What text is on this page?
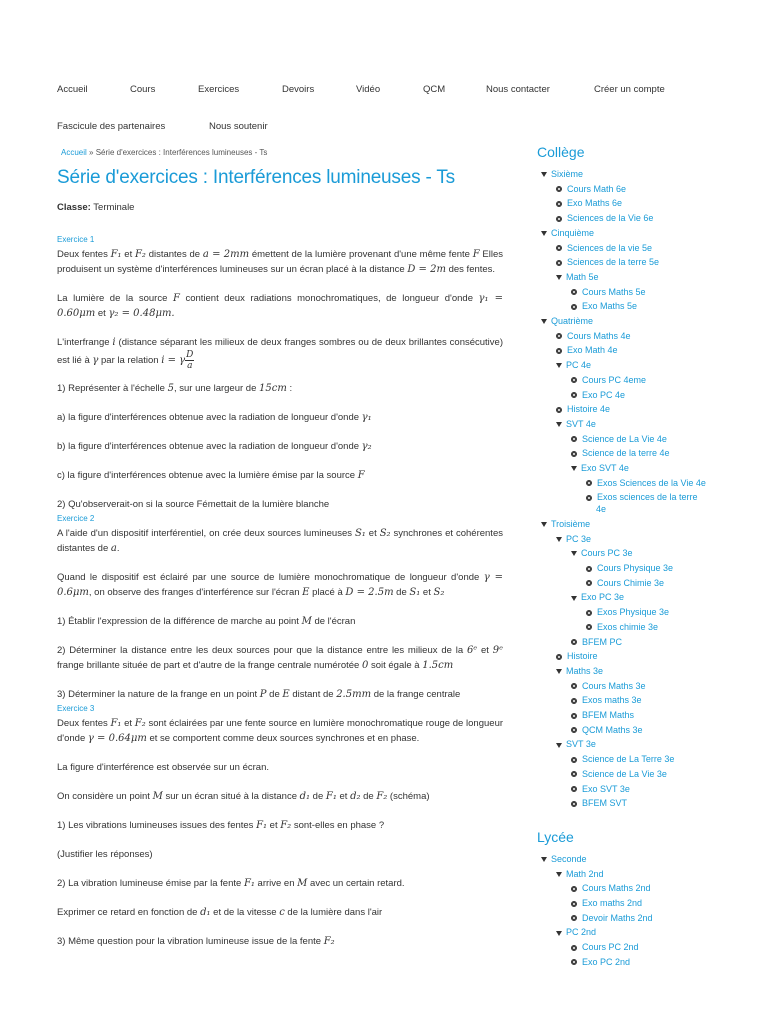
Accueil	Cours	Exercices	Devoirs	Vidéo	QCM	Nous contacter	Créer un compte
Fascicule des partenaires	Nous soutenir
Accueil » Série d'exercices : Interférences lumineuses - Ts
Série d'exercices : Interférences lumineuses - Ts
Classe: Terminale
Exercice 1

Deux fentes F₁ et F₂ distantes de a = 2mm émettent de la lumière provenant d'une même fente F Elles produisent un système d'interférences lumineuses sur un écran placé à la distance D = 2m des fentes.

La lumière de la source F contient deux radiations monochromatiques, de longueur d'onde γ₁ = 0.60μm et γ₂ = 0.48μm.

L'interfrange i (distance séparant les milieux de deux franges sombres ou de deux brillantes consécutive) est lié à γ par la relation i = γ $\frac{D}{a}$

1) Représenter à l'échelle 5, sur une largeur de 15cm :

a) la figure d'interférences obtenue avec la radiation de longueur d'onde γ₁

b) la figure d'interférences obtenue avec la radiation de longueur d'onde γ₂

c) la figure d'interférences obtenue avec la lumière émise par la source F

2) Qu'observerait-on si la source Fémettait de la lumière blanche

Exercice 2

A l'aide d'un dispositif interférentiel, on crée deux sources lumineuses S₁ et S₂ synchrones et cohérentes distantes de a.

Quand le dispositif est éclairé par une source de lumière monochromatique de longueur d'onde γ = 0.6μm, on observe des franges d'interférence sur l'écran E placé à D = 2.5m de S₁ et S₂

1) Établir l'expression de la différence de marche au point M de l'écran

2) Déterminer la distance entre les deux sources pour que la distance entre les milieux de la 6ᵉ et 9ᵉ frange brillante située de part et d'autre de la frange centrale numérotée 0 soit égale à 1.5cm

3) Déterminer la nature de la frange en un point P de E distant de 2.5mm de la frange centrale

Exercice 3

Deux fentes F₁ et F₂ sont éclairées par une fente source en lumière monochromatique rouge de longueur d'onde γ = 0.64μm et se comportent comme deux sources synchrones et en phase.

La figure d'interférence est observée sur un écran.

On considère un point M sur un écran situé à la distance d₁ de F₁ et d₂ de F₂ (schéma)

1) Les vibrations lumineuses issues des fentes F₁ et F₂ sont-elles en phase ?

(Justifier les réponses)

2) La vibration lumineuse émise par la fente F₁ arrive en M avec un certain retard.

Exprimer ce retard en fonction de d₁ et de la vitesse c de la lumière dans l'air

3) Même question pour la vibration lumineuse issue de la fente F₂

Collège
Sixième
Cours Math 6e
Exo Maths 6e
Sciences de la Vie 6e
Cinquième
Sciences de la vie 5e
Sciences de la terre 5e
Math 5e
Cours Maths 5e
Exo Maths 5e
Quatrième
Cours Maths 4e
Exo Math 4e
PC 4e
Cours PC 4eme
Exo PC 4e
Histoire 4e
SVT 4e
Science de La Vie 4e
Science de la terre 4e
Exo SVT 4e
Exos Sciences de la Vie 4e
Exos sciences de la terre
4e
Troisième
PC 3e
Cours PC 3e
Cours Physique 3e
Cours Chimie 3e
Exo PC 3e
Exos Physique 3e
Exos chimie 3e
BFEM PC
Histoire
Maths 3e
Cours Maths 3e
Exos maths 3e
BFEM Maths
QCM Maths 3e
SVT 3e
Science de La Terre 3e
Science de La Vie 3e
Exo SVT 3e
BFEM SVT
Lycée
Seconde
Math 2nd
Cours Maths 2nd
Exo maths 2nd
Devoir Maths 2nd
PC 2nd
Cours PC 2nd
Exo PC 2nd
